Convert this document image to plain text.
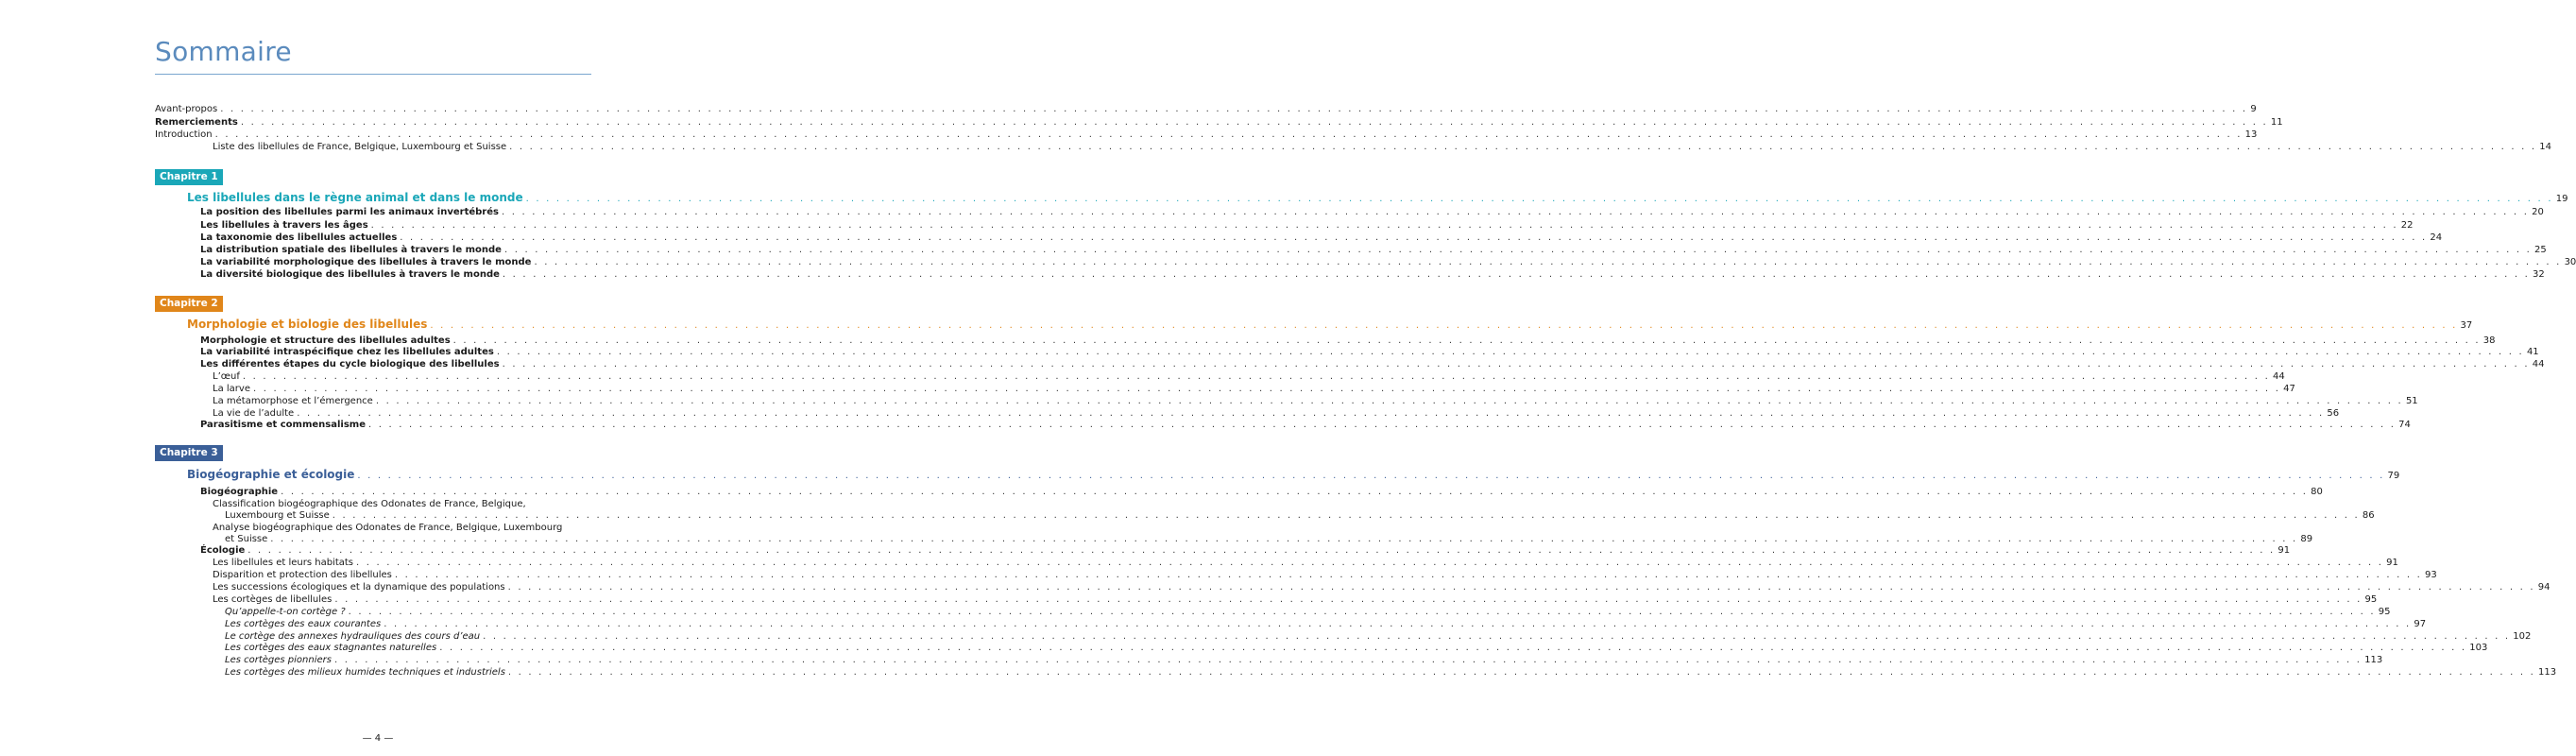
Sommaire
Avant-propos . . . . . . . . . . . . . . . . . . . . . . . . . . . . . . . . . . . . . . . . . . . . . . . . . . . . . . . . . . . . . . . . . . . . . . . . . . . . . . . . . . . . . . . . . . . . . . . . . . . . . . . . . . . . . . . . . . . . . . . . . . . . . . . . . . . . . . . . . . . . . . . . . . . . . . . . . . . . . . . . . . . . . . . . . . . . . . . . . . . . . . . . . . . . . . . . . . . . . . . . 9
Remerciements . . . . . . . . . . . . . . . . . . . . . . . . . . . . . . . . . . . . . . . . . . . . . . . . . . . . . . . . . . . . . . . . . . . . . . . . . . . . . . . . . . . . . . . . . . . . . . . . . . . . . . . . . . . . . . . . . . . . . . . . . . . . . . . . . . . . . . . . . . . . . . . . . . . . . . . . . . . . . . . . . . . . . . . . . . . . . . . . . . . . . . . . . . . . . . . . . . . . . . . . 11
Introduction . . . . . . . . . . . . . . . . . . . . . . . . . . . . . . . . . . . . . . . . . . . . . . . . . . . . . . . . . . . . . . . . . . . . . . . . . . . . . . . . . . . . . . . . . . . . . . . . . . . . . . . . . . . . . . . . . . . . . . . . . . . . . . . . . . . . . . . . . . . . . . . . . . . . . . . . . . . . . . . . . . . . . . . . . . . . . . . . . . . . . . . . . . . . . . . . . . . . . . . . 13
Liste des libellules de France, Belgique, Luxembourg et Suisse . . . . . . . . . . . . . . . . . . . . . . . . . . . . . . . . . . . . . . . . . . . . . . . . . . . . . . . . . . . . . . . . . . . . . . . . . . . . . . . . . . . . . . . . . . . . . . . . . . . . . . . . . . . . . . . . . . . . . . . . . . . . . . . . . . . . . . . . . . . . . . . . . . . . . . . . . . . . . . . . . . . . . . . . . . . . . . . . . . . . . . . . . . . . . . . . . . . . . . . . 14
Chapitre 1
Les libellules dans le règne animal et dans le monde . . . . . . . . . . . . . . . . . . . . . . . . . . . . . . . . . . . . . . . . . . . . . . . . . . . . . . . . . . . . . . . . . . . . . . . . . . . . . . . . . . . . . . . . . . . . . . . . . . . . . . . . . . . . . . . . . . . . . . . . . . . . . . . . . . . . . . . . . . . . . . . . . . . . . . . . . . . . . . . . . . . . . . . . . . . . . . . . . . . . . . . . . . . . . . . . . . . . . . . . 19
La position des libellules parmi les animaux invertébrés . . . . . . . . . . . . . . . . . . . . . . . . . . . . . . . . . . . . . . . . . . . . . . . . . . . . . . . . . . . . . . . . . . . . . . . . . . . . . . . . . . . . . . . . . . . . . . . . . . . . . . . . . . . . . . . . . . . . . . . . . . . . . . . . . . . . . . . . . . . . . . . . . . . . . . . . . . . . . . . . . . . . . . . . . . . . . . . . . . . . . . . . . . . . . . . . . . . . . . . . 20
Les libellules à travers les âges . . . . . . . . . . . . . . . . . . . . . . . . . . . . . . . . . . . . . . . . . . . . . . . . . . . . . . . . . . . . . . . . . . . . . . . . . . . . . . . . . . . . . . . . . . . . . . . . . . . . . . . . . . . . . . . . . . . . . . . . . . . . . . . . . . . . . . . . . . . . . . . . . . . . . . . . . . . . . . . . . . . . . . . . . . . . . . . . . . . . . . . . . . . . . . . . . . . . . . . . 22
La taxonomie des libellules actuelles . . . . . . . . . . . . . . . . . . . . . . . . . . . . . . . . . . . . . . . . . . . . . . . . . . . . . . . . . . . . . . . . . . . . . . . . . . . . . . . . . . . . . . . . . . . . . . . . . . . . . . . . . . . . . . . . . . . . . . . . . . . . . . . . . . . . . . . . . . . . . . . . . . . . . . . . . . . . . . . . . . . . . . . . . . . . . . . . . . . . . . . . . . . . . . . . . . . . . . . . 24
La distribution spatiale des libellules à travers le monde . . . . . . . . . . . . . . . . . . . . . . . . . . . . . . . . . . . . . . . . . . . . . . . . . . . . . . . . . . . . . . . . . . . . . . . . . . . . . . . . . . . . . . . . . . . . . . . . . . . . . . . . . . . . . . . . . . . . . . . . . . . . . . . . . . . . . . . . . . . . . . . . . . . . . . . . . . . . . . . . . . . . . . . . . . . . . . . . . . . . . . . . . . . . . . . . . . . . . . . . 25
La variabilité morphologique des libellules à travers le monde . . . . . . . . . . . . . . . . . . . . . . . . . . . . . . . . . . . . . . . . . . . . . . . . . . . . . . . . . . . . . . . . . . . . . . . . . . . . . . . . . . . . . . . . . . . . . . . . . . . . . . . . . . . . . . . . . . . . . . . . . . . . . . . . . . . . . . . . . . . . . . . . . . . . . . . . . . . . . . . . . . . . . . . . . . . . . . . . . . . . . . . . . . . . . . . . . . . . . . . . 30
La diversité biologique des libellules à travers le monde . . . . . . . . . . . . . . . . . . . . . . . . . . . . . . . . . . . . . . . . . . . . . . . . . . . . . . . . . . . . . . . . . . . . . . . . . . . . . . . . . . . . . . . . . . . . . . . . . . . . . . . . . . . . . . . . . . . . . . . . . . . . . . . . . . . . . . . . . . . . . . . . . . . . . . . . . . . . . . . . . . . . . . . . . . . . . . . . . . . . . . . . . . . . . . . . . . . . . . . . 32
Chapitre 2
Morphologie et biologie des libellules . . . . . . . . . . . . . . . . . . . . . . . . . . . . . . . . . . . . . . . . . . . . . . . . . . . . . . . . . . . . . . . . . . . . . . . . . . . . . . . . . . . . . . . . . . . . . . . . . . . . . . . . . . . . . . . . . . . . . . . . . . . . . . . . . . . . . . . . . . . . . . . . . . . . . . . . . . . . . . . . . . . . . . . . . . . . . . . . . . . . . . . . . . . . . . . . . . . . . . . . 37
Morphologie et structure des libellules adultes . . . . . . . . . . . . . . . . . . . . . . . . . . . . . . . . . . . . . . . . . . . . . . . . . . . . . . . . . . . . . . . . . . . . . . . . . . . . . . . . . . . . . . . . . . . . . . . . . . . . . . . . . . . . . . . . . . . . . . . . . . . . . . . . . . . . . . . . . . . . . . . . . . . . . . . . . . . . . . . . . . . . . . . . . . . . . . . . . . . . . . . . . . . . . . . . . . . . . . . . 38
La variabilité intraspécifique chez les libellules adultes . . . . . . . . . . . . . . . . . . . . . . . . . . . . . . . . . . . . . . . . . . . . . . . . . . . . . . . . . . . . . . . . . . . . . . . . . . . . . . . . . . . . . . . . . . . . . . . . . . . . . . . . . . . . . . . . . . . . . . . . . . . . . . . . . . . . . . . . . . . . . . . . . . . . . . . . . . . . . . . . . . . . . . . . . . . . . . . . . . . . . . . . . . . . . . . . . . . . . . . . 41
Les différentes étapes du cycle biologique des libellules . . . . . . . . . . . . . . . . . . . . . . . . . . . . . . . . . . . . . . . . . . . . . . . . . . . . . . . . . . . . . . . . . . . . . . . . . . . . . . . . . . . . . . . . . . . . . . . . . . . . . . . . . . . . . . . . . . . . . . . . . . . . . . . . . . . . . . . . . . . . . . . . . . . . . . . . . . . . . . . . . . . . . . . . . . . . . . . . . . . . . . . . . . . . . . . . . . . . . . . . 44
L’œuf . . . . . . . . . . . . . . . . . . . . . . . . . . . . . . . . . . . . . . . . . . . . . . . . . . . . . . . . . . . . . . . . . . . . . . . . . . . . . . . . . . . . . . . . . . . . . . . . . . . . . . . . . . . . . . . . . . . . . . . . . . . . . . . . . . . . . . . . . . . . . . . . . . . . . . . . . . . . . . . . . . . . . . . . . . . . . . . . . . . . . . . . . . . . . . . . . . . . . . . . 44
La larve . . . . . . . . . . . . . . . . . . . . . . . . . . . . . . . . . . . . . . . . . . . . . . . . . . . . . . . . . . . . . . . . . . . . . . . . . . . . . . . . . . . . . . . . . . . . . . . . . . . . . . . . . . . . . . . . . . . . . . . . . . . . . . . . . . . . . . . . . . . . . . . . . . . . . . . . . . . . . . . . . . . . . . . . . . . . . . . . . . . . . . . . . . . . . . . . . . . . . . . . 47
La métamorphose et l’émergence . . . . . . . . . . . . . . . . . . . . . . . . . . . . . . . . . . . . . . . . . . . . . . . . . . . . . . . . . . . . . . . . . . . . . . . . . . . . . . . . . . . . . . . . . . . . . . . . . . . . . . . . . . . . . . . . . . . . . . . . . . . . . . . . . . . . . . . . . . . . . . . . . . . . . . . . . . . . . . . . . . . . . . . . . . . . . . . . . . . . . . . . . . . . . . . . . . . . . . . . 51
La vie de l’adulte . . . . . . . . . . . . . . . . . . . . . . . . . . . . . . . . . . . . . . . . . . . . . . . . . . . . . . . . . . . . . . . . . . . . . . . . . . . . . . . . . . . . . . . . . . . . . . . . . . . . . . . . . . . . . . . . . . . . . . . . . . . . . . . . . . . . . . . . . . . . . . . . . . . . . . . . . . . . . . . . . . . . . . . . . . . . . . . . . . . . . . . . . . . . . . . . . . . . . . . . 56
Parasitisme et commensalisme . . . . . . . . . . . . . . . . . . . . . . . . . . . . . . . . . . . . . . . . . . . . . . . . . . . . . . . . . . . . . . . . . . . . . . . . . . . . . . . . . . . . . . . . . . . . . . . . . . . . . . . . . . . . . . . . . . . . . . . . . . . . . . . . . . . . . . . . . . . . . . . . . . . . . . . . . . . . . . . . . . . . . . . . . . . . . . . . . . . . . . . . . . . . . . . . . . . . . . . . 74
Chapitre 3
Biogéographie et écologie . . . . . . . . . . . . . . . . . . . . . . . . . . . . . . . . . . . . . . . . . . . . . . . . . . . . . . . . . . . . . . . . . . . . . . . . . . . . . . . . . . . . . . . . . . . . . . . . . . . . . . . . . . . . . . . . . . . . . . . . . . . . . . . . . . . . . . . . . . . . . . . . . . . . . . . . . . . . . . . . . . . . . . . . . . . . . . . . . . . . . . . . . . . . . . . . . . . . . . . . 79
Biogéographie . . . . . . . . . . . . . . . . . . . . . . . . . . . . . . . . . . . . . . . . . . . . . . . . . . . . . . . . . . . . . . . . . . . . . . . . . . . . . . . . . . . . . . . . . . . . . . . . . . . . . . . . . . . . . . . . . . . . . . . . . . . . . . . . . . . . . . . . . . . . . . . . . . . . . . . . . . . . . . . . . . . . . . . . . . . . . . . . . . . . . . . . . . . . . . . . . . . . . . . . 80
Classification biogéographique des Odonates de France, Belgique,
Luxembourg et Suisse . . . . . . . . . . . . . . . . . . . . . . . . . . . . . . . . . . . . . . . . . . . . . . . . . . . . . . . . . . . . . . . . . . . . . . . . . . . . . . . . . . . . . . . . . . . . . . . . . . . . . . . . . . . . . . . . . . . . . . . . . . . . . . . . . . . . . . . . . . . . . . . . . . . . . . . . . . . . . . . . . . . . . . . . . . . . . . . . . . . . . . . . . . . . . . . . . . . . . . . . 86
Analyse biogéographique des Odonates de France, Belgique, Luxembourg
et Suisse . . . . . . . . . . . . . . . . . . . . . . . . . . . . . . . . . . . . . . . . . . . . . . . . . . . . . . . . . . . . . . . . . . . . . . . . . . . . . . . . . . . . . . . . . . . . . . . . . . . . . . . . . . . . . . . . . . . . . . . . . . . . . . . . . . . . . . . . . . . . . . . . . . . . . . . . . . . . . . . . . . . . . . . . . . . . . . . . . . . . . . . . . . . . . . . . . . . . . . . . 89
Écologie . . . . . . . . . . . . . . . . . . . . . . . . . . . . . . . . . . . . . . . . . . . . . . . . . . . . . . . . . . . . . . . . . . . . . . . . . . . . . . . . . . . . . . . . . . . . . . . . . . . . . . . . . . . . . . . . . . . . . . . . . . . . . . . . . . . . . . . . . . . . . . . . . . . . . . . . . . . . . . . . . . . . . . . . . . . . . . . . . . . . . . . . . . . . . . . . . . . . . . . . 91
Les libellules et leurs habitats . . . . . . . . . . . . . . . . . . . . . . . . . . . . . . . . . . . . . . . . . . . . . . . . . . . . . . . . . . . . . . . . . . . . . . . . . . . . . . . . . . . . . . . . . . . . . . . . . . . . . . . . . . . . . . . . . . . . . . . . . . . . . . . . . . . . . . . . . . . . . . . . . . . . . . . . . . . . . . . . . . . . . . . . . . . . . . . . . . . . . . . . . . . . . . . . . . . . . . . . 91
Disparition et protection des libellules . . . . . . . . . . . . . . . . . . . . . . . . . . . . . . . . . . . . . . . . . . . . . . . . . . . . . . . . . . . . . . . . . . . . . . . . . . . . . . . . . . . . . . . . . . . . . . . . . . . . . . . . . . . . . . . . . . . . . . . . . . . . . . . . . . . . . . . . . . . . . . . . . . . . . . . . . . . . . . . . . . . . . . . . . . . . . . . . . . . . . . . . . . . . . . . . . . . . . . . . 93
Les successions écologiques et la dynamique des populations . . . . . . . . . . . . . . . . . . . . . . . . . . . . . . . . . . . . . . . . . . . . . . . . . . . . . . . . . . . . . . . . . . . . . . . . . . . . . . . . . . . . . . . . . . . . . . . . . . . . . . . . . . . . . . . . . . . . . . . . . . . . . . . . . . . . . . . . . . . . . . . . . . . . . . . . . . . . . . . . . . . . . . . . . . . . . . . . . . . . . . . . . . . . . . . . . . . . . . . . 94
Les cortèges de libellules . . . . . . . . . . . . . . . . . . . . . . . . . . . . . . . . . . . . . . . . . . . . . . . . . . . . . . . . . . . . . . . . . . . . . . . . . . . . . . . . . . . . . . . . . . . . . . . . . . . . . . . . . . . . . . . . . . . . . . . . . . . . . . . . . . . . . . . . . . . . . . . . . . . . . . . . . . . . . . . . . . . . . . . . . . . . . . . . . . . . . . . . . . . . . . . . . . . . . . . . 95
Qu’appelle-t-on cortège ? . . . . . . . . . . . . . . . . . . . . . . . . . . . . . . . . . . . . . . . . . . . . . . . . . . . . . . . . . . . . . . . . . . . . . . . . . . . . . . . . . . . . . . . . . . . . . . . . . . . . . . . . . . . . . . . . . . . . . . . . . . . . . . . . . . . . . . . . . . . . . . . . . . . . . . . . . . . . . . . . . . . . . . . . . . . . . . . . . . . . . . . . . . . . . . . . . . . . . . . . 95
Les cortèges des eaux courantes . . . . . . . . . . . . . . . . . . . . . . . . . . . . . . . . . . . . . . . . . . . . . . . . . . . . . . . . . . . . . . . . . . . . . . . . . . . . . . . . . . . . . . . . . . . . . . . . . . . . . . . . . . . . . . . . . . . . . . . . . . . . . . . . . . . . . . . . . . . . . . . . . . . . . . . . . . . . . . . . . . . . . . . . . . . . . . . . . . . . . . . . . . . . . . . . . . . . . . . . 97
Le cortège des annexes hydrauliques des cours d’eau . . . . . . . . . . . . . . . . . . . . . . . . . . . . . . . . . . . . . . . . . . . . . . . . . . . . . . . . . . . . . . . . . . . . . . . . . . . . . . . . . . . . . . . . . . . . . . . . . . . . . . . . . . . . . . . . . . . . . . . . . . . . . . . . . . . . . . . . . . . . . . . . . . . . . . . . . . . . . . . . . . . . . . . . . . . . . . . . . . . . . . . . . . . . . . . . . . . . . . . . 102
Les cortèges des eaux stagnantes naturelles . . . . . . . . . . . . . . . . . . . . . . . . . . . . . . . . . . . . . . . . . . . . . . . . . . . . . . . . . . . . . . . . . . . . . . . . . . . . . . . . . . . . . . . . . . . . . . . . . . . . . . . . . . . . . . . . . . . . . . . . . . . . . . . . . . . . . . . . . . . . . . . . . . . . . . . . . . . . . . . . . . . . . . . . . . . . . . . . . . . . . . . . . . . . . . . . . . . . . . . . 103
Les cortèges pionniers . . . . . . . . . . . . . . . . . . . . . . . . . . . . . . . . . . . . . . . . . . . . . . . . . . . . . . . . . . . . . . . . . . . . . . . . . . . . . . . . . . . . . . . . . . . . . . . . . . . . . . . . . . . . . . . . . . . . . . . . . . . . . . . . . . . . . . . . . . . . . . . . . . . . . . . . . . . . . . . . . . . . . . . . . . . . . . . . . . . . . . . . . . . . . . . . . . . . . . . . 113
Les cortèges des milieux humides techniques et industriels . . . . . . . . . . . . . . . . . . . . . . . . . . . . . . . . . . . . . . . . . . . . . . . . . . . . . . . . . . . . . . . . . . . . . . . . . . . . . . . . . . . . . . . . . . . . . . . . . . . . . . . . . . . . . . . . . . . . . . . . . . . . . . . . . . . . . . . . . . . . . . . . . . . . . . . . . . . . . . . . . . . . . . . . . . . . . . . . . . . . . . . . . . . . . . . . . . . . . . . . 113
— 4 —
